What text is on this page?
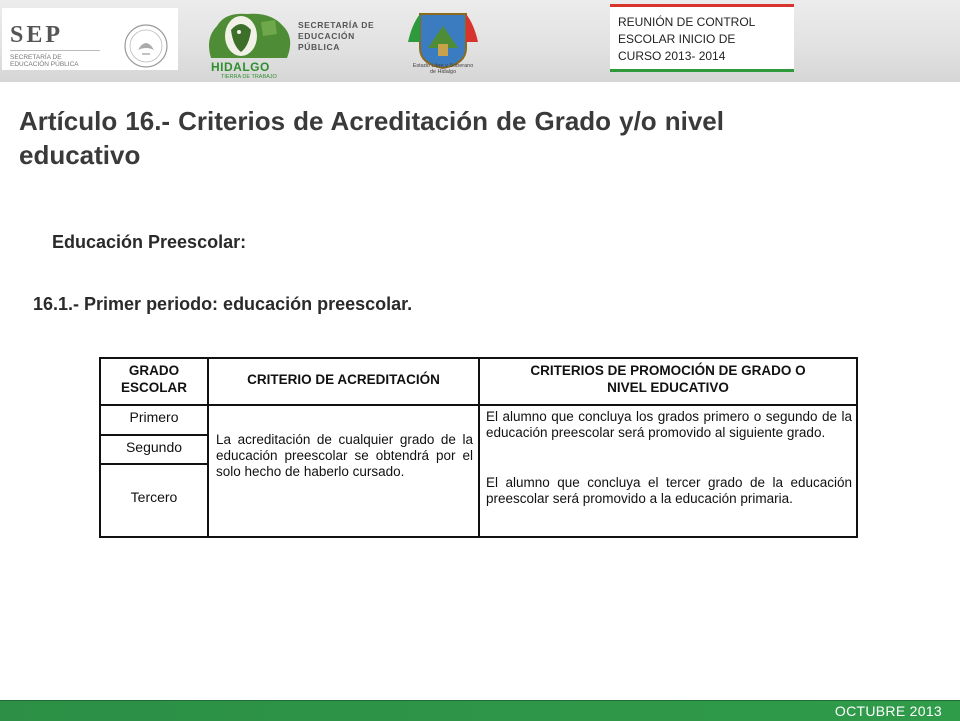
SEP
SECRETARÍA DE
EDUCACIÓN PÚBLICA	HIDALGO
TIERRA DE TRABAJO
SECRETARÍA DE
EDUCACIÓN
PÚBLICA
Estado Libre y Soberano
de Hidalgo
REUNIÓN DE CONTROL
ESCOLAR INICIO DE
CURSO 2013- 2014
Artículo 16.- Criterios de Acreditación de Grado y/o nivel educativo
Educación Preescolar:
16.1.- Primer periodo: educación preescolar.
GRADO
ESCOLAR
CRITERIO DE ACREDITACIÓN
CRITERIOS DE PROMOCIÓN DE GRADO O
NIVEL EDUCATIVO
Primero
Segundo
Tercero
La acreditación de cualquier grado de la educación preescolar se obtendrá por el solo hecho de haberlo cursado.
El alumno que concluya los grados primero o segundo de la educación preescolar será promovido al siguiente grado.
El alumno que concluya el tercer grado de la educación preescolar será promovido a la educación primaria.
OCTUBRE 2013
